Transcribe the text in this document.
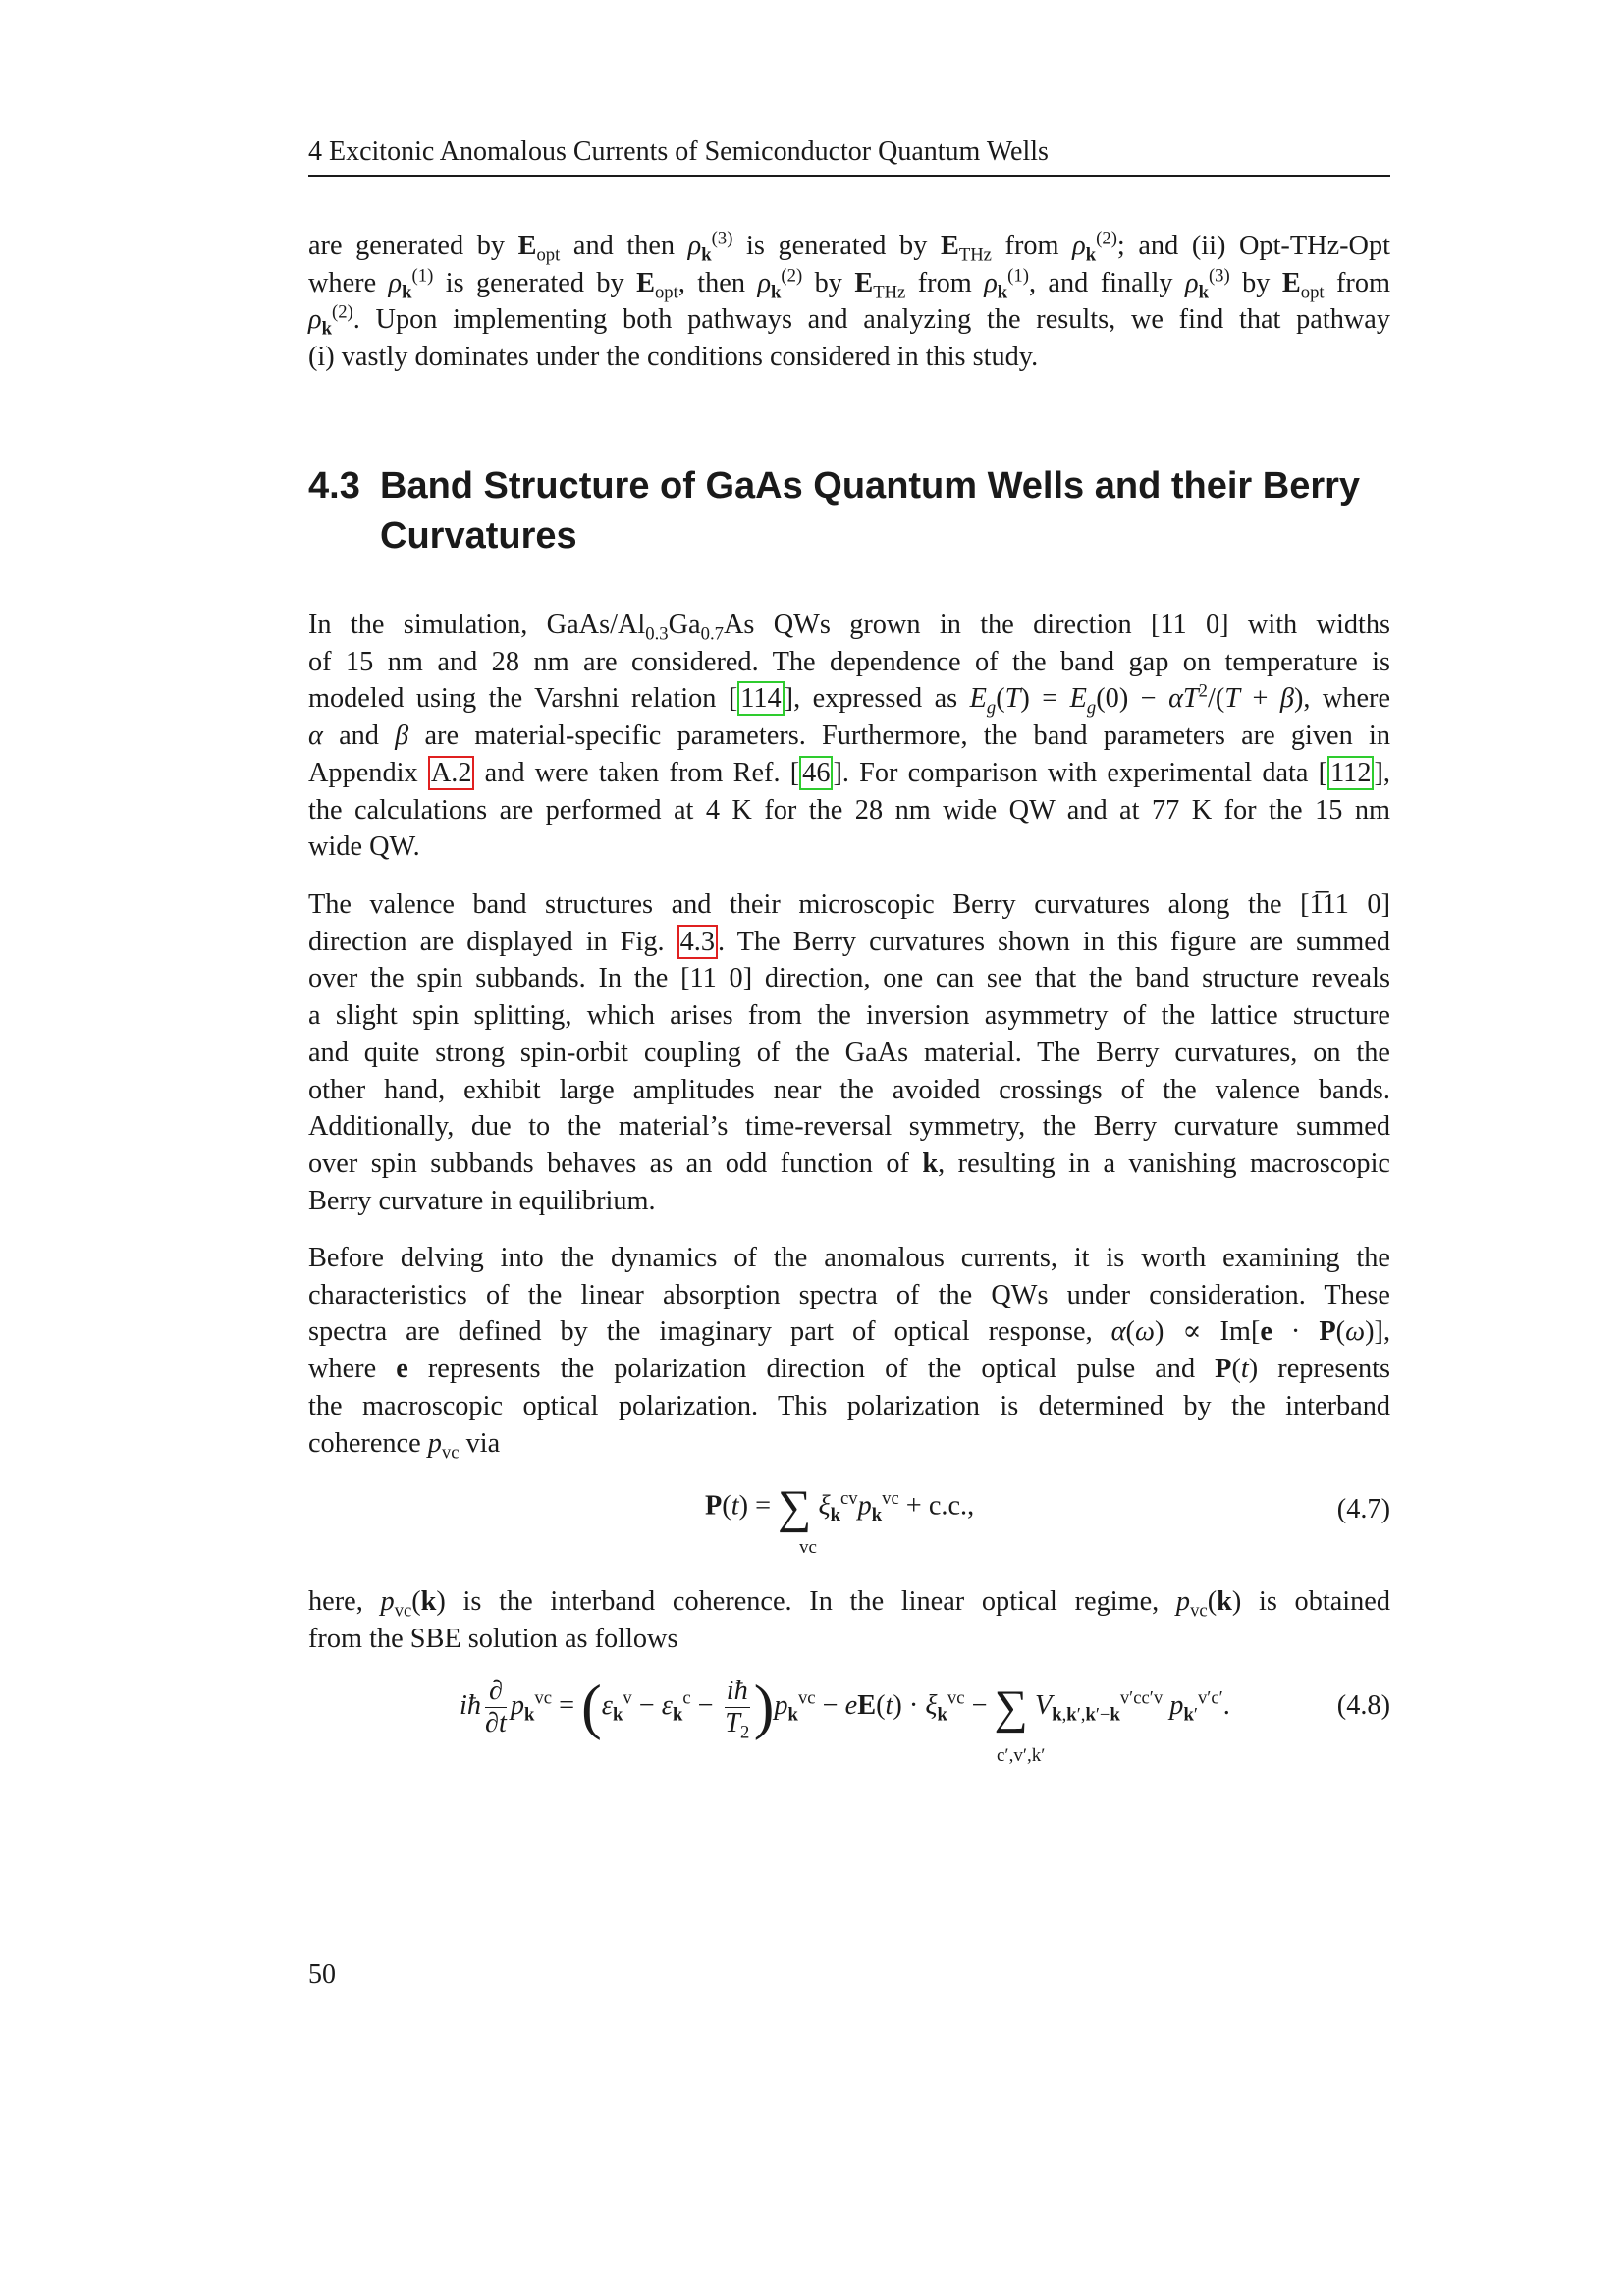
4 Excitonic Anomalous Currents of Semiconductor Quantum Wells
are generated by $E_{opt}$ and then $\rho_k^{(3)}$ is generated by $E_{THz}$ from $\rho_k^{(2)}$; and (ii) Opt-THz-Opt
where $\rho_k^{(1)}$ is generated by $E_{opt}$, then $\rho_k^{(2)}$ by $E_{THz}$ from $\rho_k^{(1)}$, and finally $\rho_k^{(3)}$ by $E_{opt}$ from
$\rho_k^{(2)}$. Upon implementing both pathways and analyzing the results, we find that pathway
(i) vastly dominates under the conditions considered in this study.
4.3 Band Structure of GaAs Quantum Wells and their Berry
Curvatures
In the simulation, GaAs/$Al_{0.3}Ga_{0.7}As$ QWs grown in the direction [11 0] with widths
of 15 nm and 28 nm are considered. The dependence of the band gap on temperature is
modeled using the Varshni relation [ 114 ], expressed as $E_g(T) = E_g(0) - \alpha T^2/(T + \beta)$, where
α and β are material-specific parameters. Furthermore, the band parameters are given in
Appendix A.2 and were taken from Ref. [ 46 ]. For comparison with experimental data [ 112 ],
the calculations are performed at 4 K for the 28 nm wide QW and at 77 K for the 15 nm
wide QW.
The valence band structures and their microscopic Berry curvatures along the [1̅11 0]
direction are displayed in Fig. 4.3 . The Berry curvatures shown in this figure are summed
over the spin subbands. In the [11 0] direction, one can see that the band structure reveals
a slight spin splitting, which arises from the inversion asymmetry of the lattice structure
and quite strong spin-orbit coupling of the GaAs material. The Berry curvatures, on the
other hand, exhibit large amplitudes near the avoided crossings of the valence bands.
Additionally, due to the material’s time-reversal symmetry, the Berry curvature summed
over spin subbands behaves as an odd function of k, resulting in a vanishing macroscopic
Berry curvature in equilibrium.
Before delving into the dynamics of the anomalous currents, it is worth examining the
characteristics of the linear absorption spectra of the QWs under consideration. These
spectra are defined by the imaginary part of optical response, α(ω) ∝ Im[e · P(ω)],
where e represents the polarization direction of the optical pulse and P(t) represents
the macroscopic optical polarization. This polarization is determined by the interband
coherence $p_{vc}$ via
P(t) = ∑ $\xi_k^{cv}p_k^{vc} + c.c$.,
vc
(4.7)
here, $p_{vc}(k)$ is the interband coherence. In the linear optical regime, $p_{vc}(k)$ is obtained
from the SBE solution as follows
iħ $\frac{\partial}{\partial t} p_k^{vc} = (\varepsilon_k^v - \varepsilon_k^c - \frac{iħ}{T_2} )p_k^{vc} - eE(t) \cdot \xi_k^{vc}$ − ∑ $V_{k,k',k'-k}^{v'cc'v}$ $p_{k'}^{v'c'}$.
c′,v′,k′
(4.8)
50
